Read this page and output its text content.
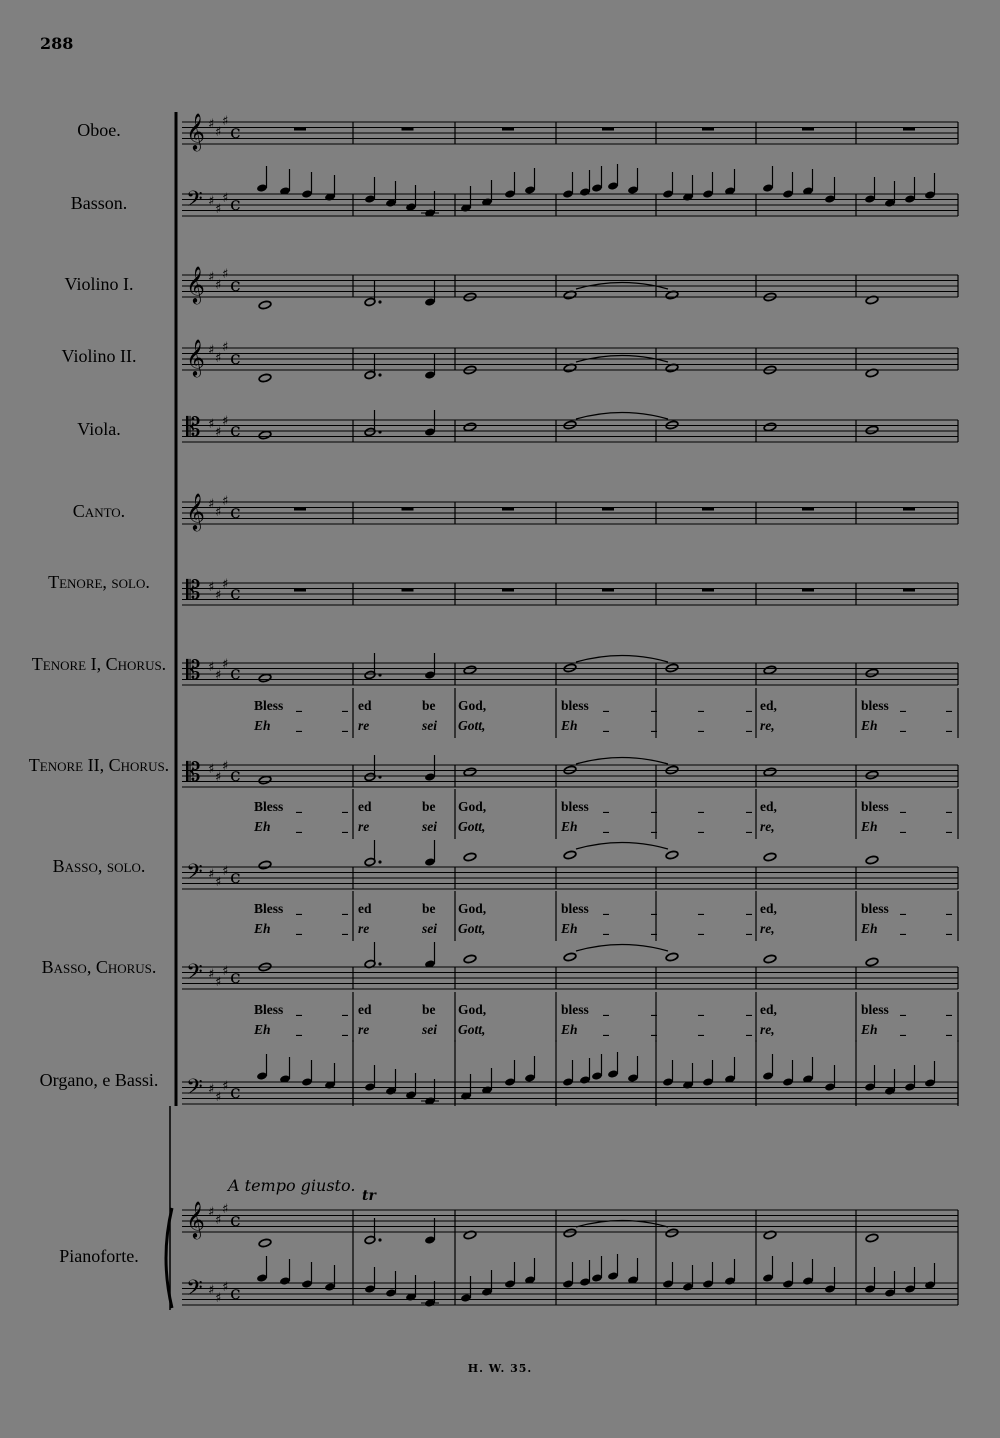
288
Oboe.
Basson.
Violino I.
Violino II.
Viola.
Canto.
Tenore, solo.
Tenore I, Chorus.
Tenore II, Chorus.
Basso, solo.
Basso, Chorus.
Organo, e Bassi.
Pianoforte.
A tempo giusto.
𝄞 ♯
♯
♯ c
𝄢 ♯
♯
♯ c
𝄞 ♯
♯
♯ c
𝄞 ♯
♯
♯ c
𝄡 ♯
♯
♯ c
𝄞 ♯
♯
♯ c
𝄡 ♯
♯
♯ c
𝄡 ♯
♯
♯ c
𝄡 ♯
♯
♯ c
𝄢 ♯
♯
♯ c
𝄢 ♯
♯
♯ c
𝄢 ♯
♯
♯ c
𝄞
𝄢
♯
♯
♯
♯
♯
♯
c
c
tr
Bless _	_ ed	be God,	bless _	_	_	_ ed,	bless _	_
Eh _	_ re	sei Gott,	Eh _	_	_	_ re,	Eh _	_
Bless _	_ ed	be God,	bless _	_	_	_ ed,	bless _	_
Eh _	_ re	sei Gott,	Eh _	_	_	_ re,	Eh _	_
Bless _	_ ed	be God,	bless _	_	_	_ ed,	bless _	_
Eh _	_ re	sei Gott,	Eh _	_	_	_ re,	Eh _	_
Bless _	_ ed	be God,	bless _	_	_	_ ed,	bless _	_
Eh _	_ re	sei Gott,	Eh _	_	_	_ re,	Eh _	_
H. W. 35.
